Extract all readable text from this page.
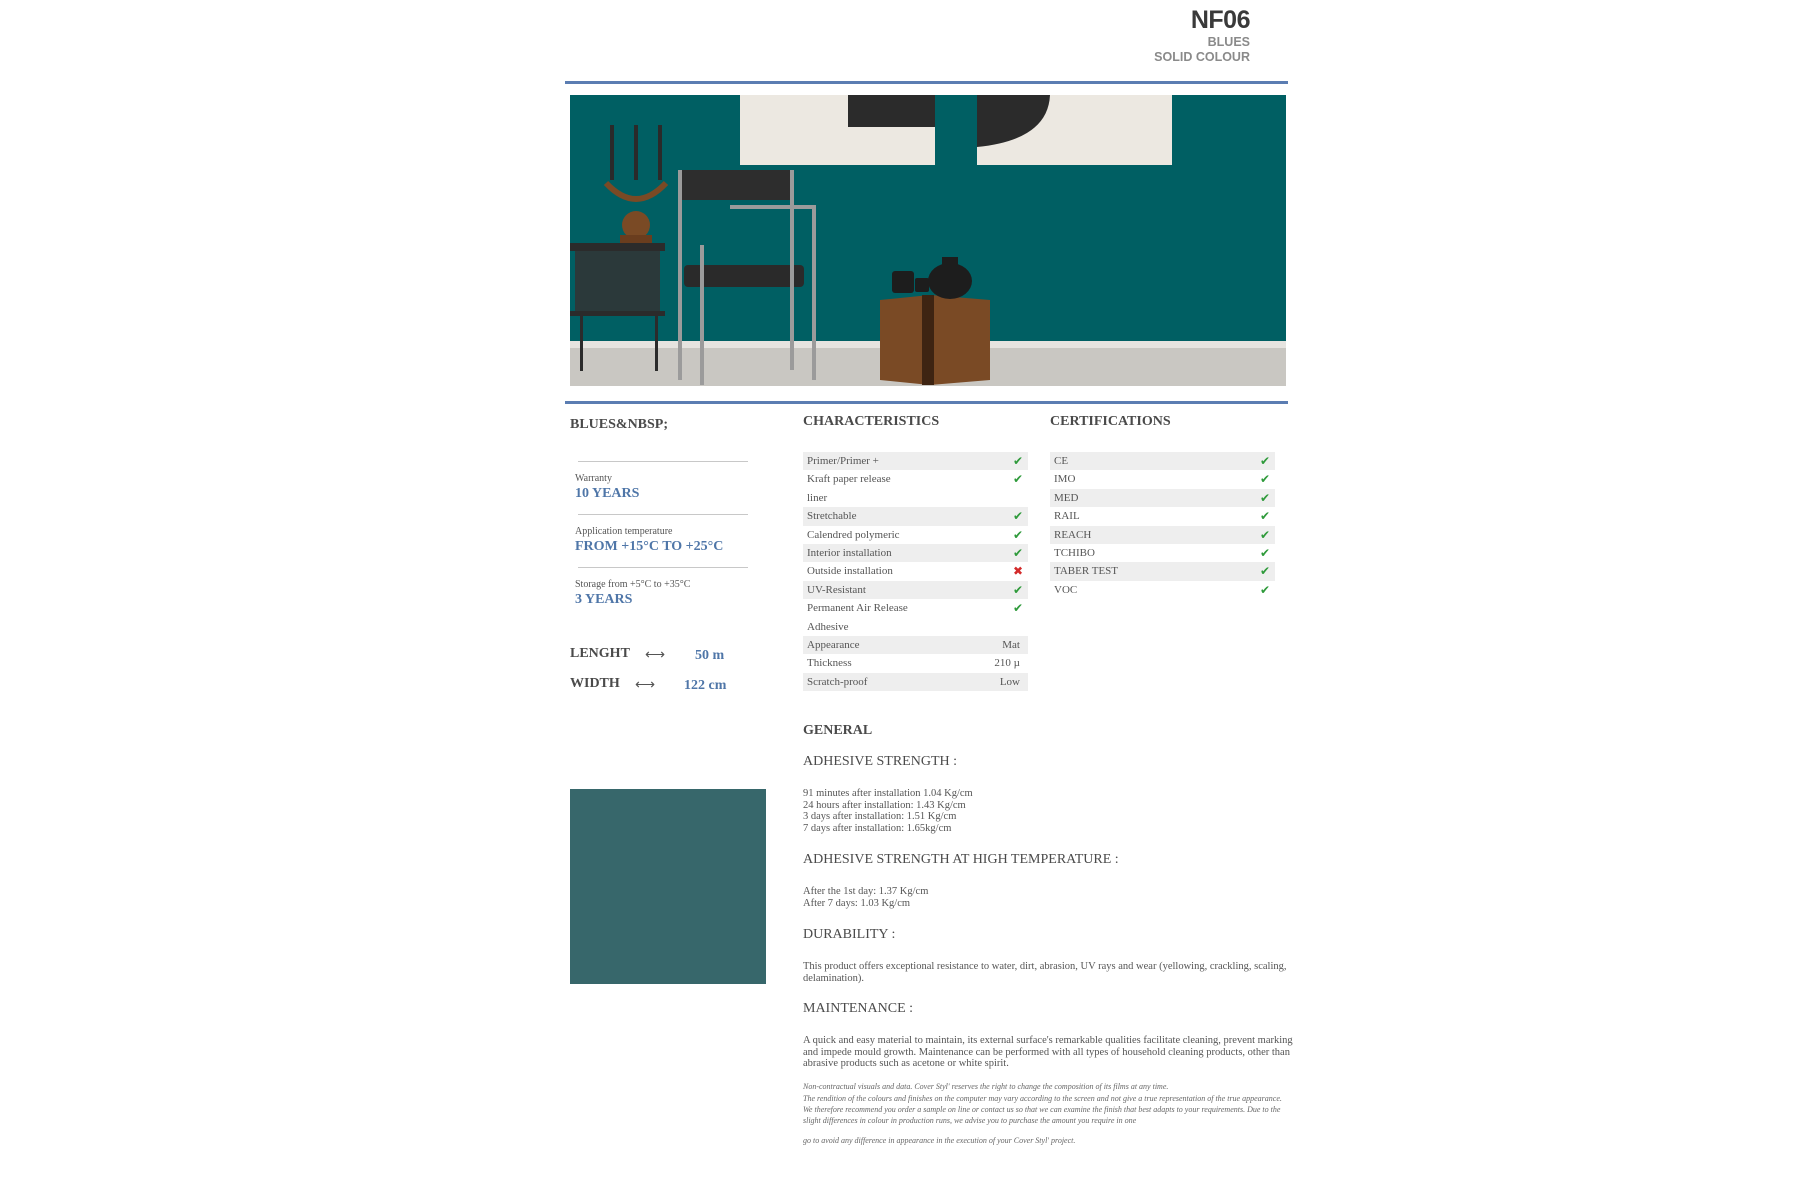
NF06
BLUES
SOLID COLOUR
BLUES&NBSP;
Warranty
10 YEARS
Application temperature
FROM +15°C TO +25°C
Storage from +5°C to +35°C
3 YEARS
LENGHT ⟷ 50 m
WIDTH ⟷ 122 cm
CHARACTERISTICS
Primer/Primer +	✔
Kraft paper release	✔
liner
Stretchable	✔
Calendred polymeric	✔
Interior installation	✔
Outside installation	✖
UV-Resistant	✔
Permanent Air Release	✔
Adhesive
Appearance	Mat
Thickness	210 µ
Scratch-proof	Low
CERTIFICATIONS
CE	✔
IMO	✔
MED	✔
RAIL	✔
REACH	✔
TCHIBO	✔
TABER TEST	✔
VOC	✔
GENERAL
ADHESIVE STRENGTH :
91 minutes after installation 1.04 Kg/cm
24 hours after installation: 1.43 Kg/cm
3 days after installation: 1.51 Kg/cm
7 days after installation: 1.65kg/cm
ADHESIVE STRENGTH AT HIGH TEMPERATURE :
After the 1st day: 1.37 Kg/cm
After 7 days: 1.03 Kg/cm
DURABILITY :
This product offers exceptional resistance to water, dirt, abrasion, UV rays and wear (yellowing, crackling, scaling, delamination).
MAINTENANCE :
A quick and easy material to maintain, its external surface's remarkable qualities facilitate cleaning, prevent marking and impede mould growth. Maintenance can be performed with all types of household cleaning products, other than abrasive products such as acetone or white spirit.
Non-contractual visuals and data. Cover Styl' reserves the right to change the composition of its films at any time.
The rendition of the colours and finishes on the computer may vary according to the screen and not give a true representation of the true appearance. We therefore recommend you order a sample on line or contact us so that we can examine the finish that best adapts to your requirements. Due to the slight differences in colour in production runs, we advise you to purchase the amount you require in one
go to avoid any difference in appearance in the execution of your Cover Styl' project.
